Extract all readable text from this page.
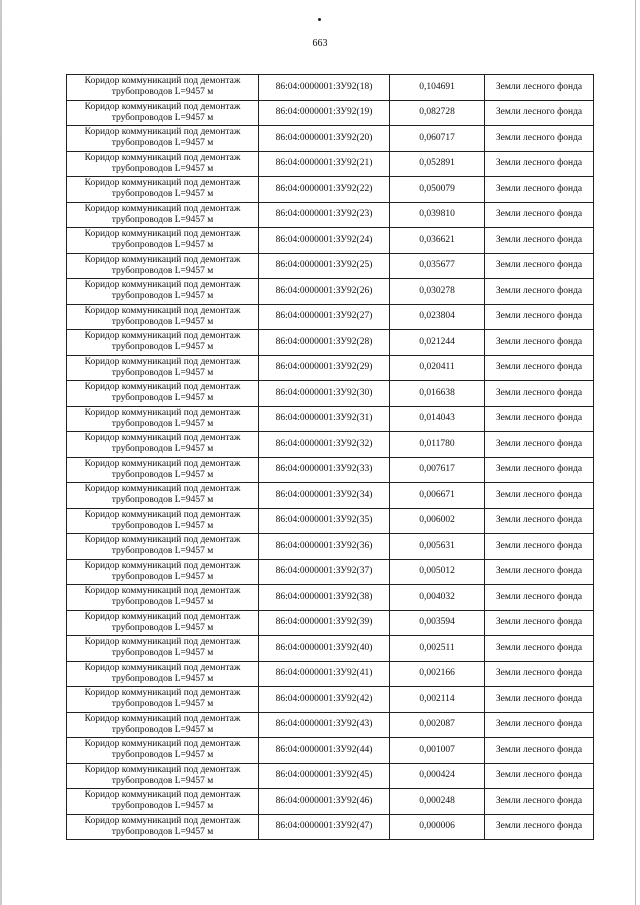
663
Коридор коммуникаций под демонтаж
трубопроводов L=9457 м	86:04:0000001:ЗУ92(18)	0,104691	Земли лесного фонда

Коридор коммуникаций под демонтаж
трубопроводов L=9457 м	86:04:0000001:ЗУ92(19)	0,082728	Земли лесного фонда

Коридор коммуникаций под демонтаж
трубопроводов L=9457 м	86:04:0000001:ЗУ92(20)	0,060717	Земли лесного фонда

Коридор коммуникаций под демонтаж
трубопроводов L=9457 м	86:04:0000001:ЗУ92(21)	0,052891	Земли лесного фонда

Коридор коммуникаций под демонтаж
трубопроводов L=9457 м	86:04:0000001:ЗУ92(22)	0,050079	Земли лесного фонда

Коридор коммуникаций под демонтаж
трубопроводов L=9457 м	86:04:0000001:ЗУ92(23)	0,039810	Земли лесного фонда

Коридор коммуникаций под демонтаж
трубопроводов L=9457 м	86:04:0000001:ЗУ92(24)	0,036621	Земли лесного фонда

Коридор коммуникаций под демонтаж
трубопроводов L=9457 м	86:04:0000001:ЗУ92(25)	0,035677	Земли лесного фонда

Коридор коммуникаций под демонтаж
трубопроводов L=9457 м	86:04:0000001:ЗУ92(26)	0,030278	Земли лесного фонда

Коридор коммуникаций под демонтаж
трубопроводов L=9457 м	86:04:0000001:ЗУ92(27)	0,023804	Земли лесного фонда

Коридор коммуникаций под демонтаж
трубопроводов L=9457 м	86:04:0000001:ЗУ92(28)	0,021244	Земли лесного фонда

Коридор коммуникаций под демонтаж
трубопроводов L=9457 м	86:04:0000001:ЗУ92(29)	0,020411	Земли лесного фонда

Коридор коммуникаций под демонтаж
трубопроводов L=9457 м	86:04:0000001:ЗУ92(30)	0,016638	Земли лесного фонда

Коридор коммуникаций под демонтаж
трубопроводов L=9457 м	86:04:0000001:ЗУ92(31)	0,014043	Земли лесного фонда

Коридор коммуникаций под демонтаж
трубопроводов L=9457 м	86:04:0000001:ЗУ92(32)	0,011780	Земли лесного фонда

Коридор коммуникаций под демонтаж
трубопроводов L=9457 м	86:04:0000001:ЗУ92(33)	0,007617	Земли лесного фонда

Коридор коммуникаций под демонтаж
трубопроводов L=9457 м	86:04:0000001:ЗУ92(34)	0,006671	Земли лесного фонда

Коридор коммуникаций под демонтаж
трубопроводов L=9457 м	86:04:0000001:ЗУ92(35)	0,006002	Земли лесного фонда

Коридор коммуникаций под демонтаж
трубопроводов L=9457 м	86:04:0000001:ЗУ92(36)	0,005631	Земли лесного фонда

Коридор коммуникаций под демонтаж
трубопроводов L=9457 м	86:04:0000001:ЗУ92(37)	0,005012	Земли лесного фонда

Коридор коммуникаций под демонтаж
трубопроводов L=9457 м	86:04:0000001:ЗУ92(38)	0,004032	Земли лесного фонда

Коридор коммуникаций под демонтаж
трубопроводов L=9457 м	86:04:0000001:ЗУ92(39)	0,003594	Земли лесного фонда

Коридор коммуникаций под демонтаж
трубопроводов L=9457 м	86:04:0000001:ЗУ92(40)	0,002511	Земли лесного фонда

Коридор коммуникаций под демонтаж
трубопроводов L=9457 м	86:04:0000001:ЗУ92(41)	0,002166	Земли лесного фонда

Коридор коммуникаций под демонтаж
трубопроводов L=9457 м	86:04:0000001:ЗУ92(42)	0,002114	Земли лесного фонда

Коридор коммуникаций под демонтаж
трубопроводов L=9457 м	86:04:0000001:ЗУ92(43)	0,002087	Земли лесного фонда

Коридор коммуникаций под демонтаж
трубопроводов L=9457 м	86:04:0000001:ЗУ92(44)	0,001007	Земли лесного фонда

Коридор коммуникаций под демонтаж
трубопроводов L=9457 м	86:04:0000001:ЗУ92(45)	0,000424	Земли лесного фонда

Коридор коммуникаций под демонтаж
трубопроводов L=9457 м	86:04:0000001:ЗУ92(46)	0,000248	Земли лесного фонда

Коридор коммуникаций под демонтаж
трубопроводов L=9457 м	86:04:0000001:ЗУ92(47)	0,000006	Земли лесного фонда
